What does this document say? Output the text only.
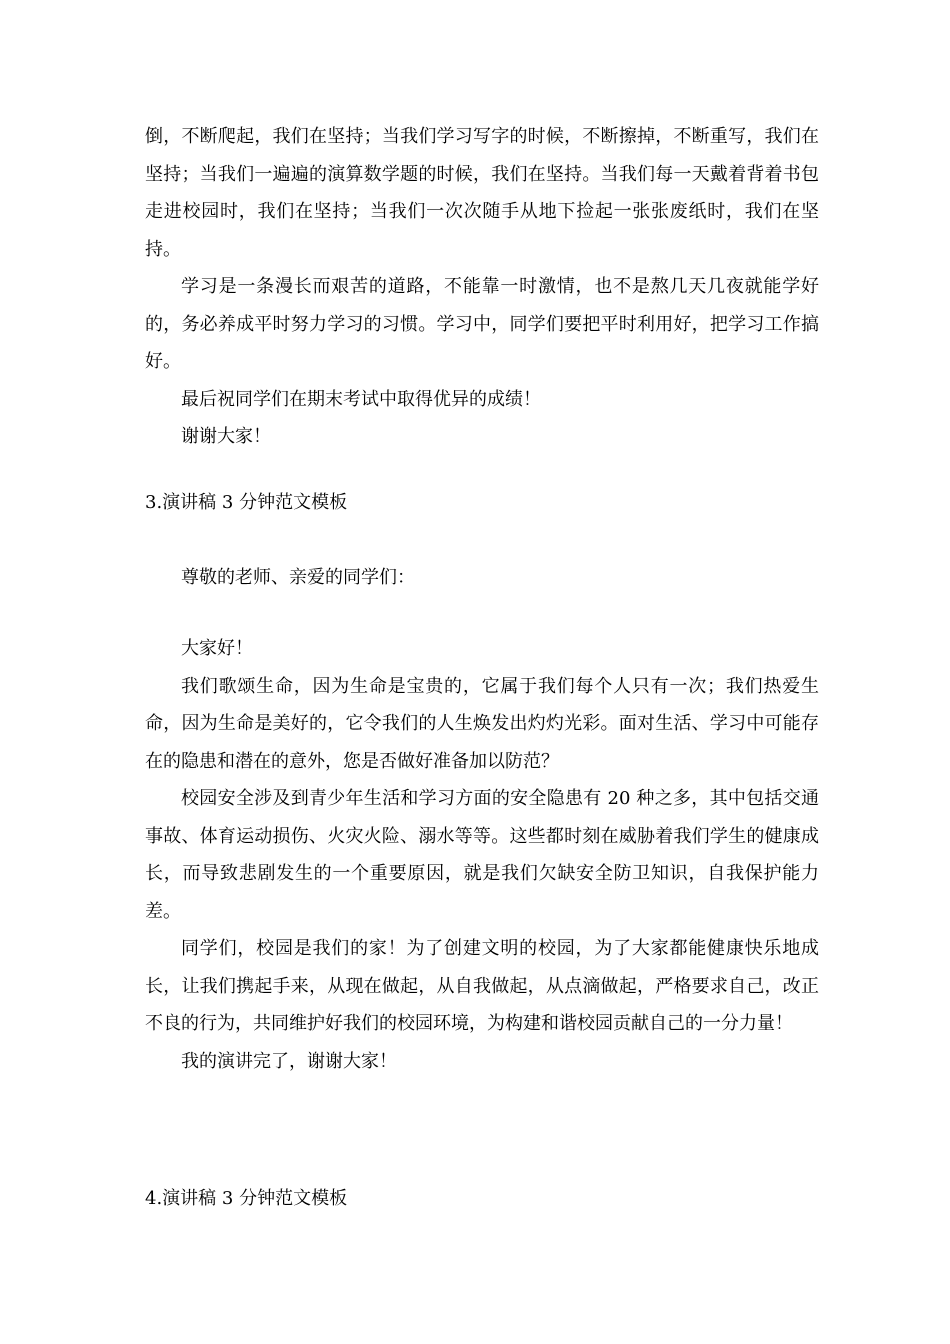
倒，不断爬起，我们在坚持；当我们学习写字的时候，不断擦掉，不断重写，我们在坚持；当我们一遍遍的演算数学题的时候，我们在坚持。当我们每一天戴着背着书包走进校园时，我们在坚持；当我们一次次随手从地下捡起一张张废纸时，我们在坚持。

学习是一条漫长而艰苦的道路，不能靠一时激情，也不是熬几天几夜就能学好的，务必养成平时努力学习的习惯。学习中，同学们要把平时利用好，把学习工作搞好。

最后祝同学们在期末考试中取得优异的成绩！

谢谢大家！

3.演讲稿 3 分钟范文模板

尊敬的老师、亲爱的同学们：

大家好！

我们歌颂生命，因为生命是宝贵的，它属于我们每个人只有一次；我们热爱生命，因为生命是美好的，它令我们的人生焕发出灼灼光彩。面对生活、学习中可能存在的隐患和潜在的意外，您是否做好准备加以防范？

校园安全涉及到青少年生活和学习方面的安全隐患有 20 种之多，其中包括交通事故、体育运动损伤、火灾火险、溺水等等。这些都时刻在威胁着我们学生的健康成长，而导致悲剧发生的一个重要原因，就是我们欠缺安全防卫知识，自我保护能力差。

同学们，校园是我们的家！为了创建文明的校园，为了大家都能健康快乐地成长，让我们携起手来，从现在做起，从自我做起，从点滴做起，严格要求自己，改正不良的行为，共同维护好我们的校园环境，为构建和谐校园贡献自己的一分力量！

我的演讲完了，谢谢大家！

4.演讲稿 3 分钟范文模板
